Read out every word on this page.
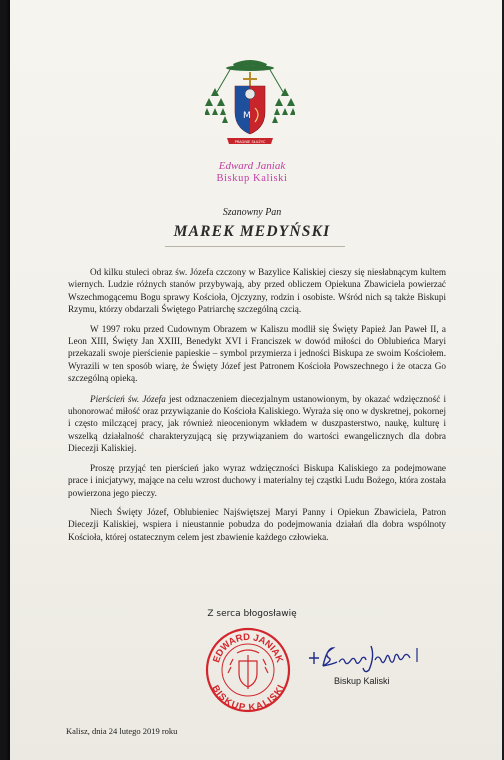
M
PRAGNIE SŁUŻYĆ
Edward Janiak
Biskup Kaliski
Szanowny Pan
MAREK MEDYŃSKI

Od kilku stuleci obraz św. Józefa czczony w Bazylice Kaliskiej cieszy się niesłabnącym kultem wiernych. Ludzie różnych stanów przybywają, aby przed obliczem Opiekuna Zbawiciela powierzać Wszechmogącemu Bogu sprawy Kościoła, Ojczyzny, rodzin i osobiste. Wśród nich są także Biskupi Rzymu, którzy obdarzali Świętego Patriarchę szczególną czcią.

W 1997 roku przed Cudownym Obrazem w Kaliszu modlił się Święty Papież Jan Paweł II, a Leon XIII, Święty Jan XXIII, Benedykt XVI i Franciszek w dowód miłości do Oblubieńca Maryi przekazali swoje pierścienie papieskie – symbol przymierza i jedności Biskupa ze swoim Kościołem. Wyrazili w ten sposób wiarę, że Święty Józef jest Patronem Kościoła Powszechnego i że otacza Go szczególną opieką.

Pierścień św. Józefa jest odznaczeniem diecezjalnym ustanowionym, by okazać wdzięczność i uhonorować miłość oraz przywiązanie do Kościoła Kaliskiego. Wyraża się ono w dyskretnej, pokornej i często milczącej pracy, jak również nieocenionym wkładem w duszpasterstwo, naukę, kulturę i wszelką działalność charakteryzującą się przywiązaniem do wartości ewangelicznych dla dobra Diecezji Kaliskiej.

Proszę przyjąć ten pierścień jako wyraz wdzięczności Biskupa Kaliskiego za podejmowane prace i inicjatywy, mające na celu wzrost duchowy i materialny tej cząstki Ludu Bożego, która została powierzona jego pieczy.

Niech Święty Józef, Oblubieniec Najświętszej Maryi Panny i Opiekun Zbawiciela, Patron Diecezji Kaliskiej, wspiera i nieustannie pobudza do podejmowania działań dla dobra wspólnoty Kościoła, której ostatecznym celem jest zbawienie każdego człowieka.

Z serca błogosławię
EDWARD JANIAK
BISKUP KALISKI
Biskup Kaliski
Kalisz, dnia 24 lutego 2019 roku
